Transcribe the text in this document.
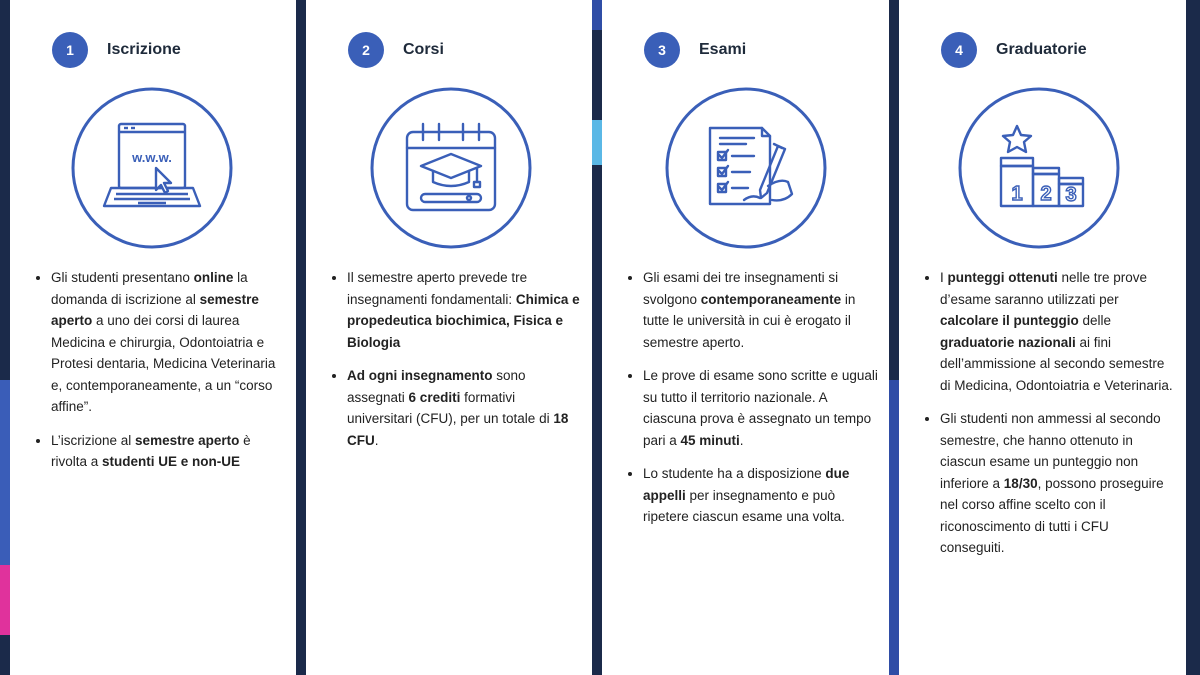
1	Iscrizione
w.w.w.
• Gli studenti presentano online la domanda di iscrizione al semestre aperto a uno dei corsi di laurea Medicina e chirurgia, Odontoiatria e Protesi dentaria, Medicina Veterinaria e, contemporaneamente, a un “corso affine”.
• L’iscrizione al semestre aperto è rivolta a studenti UE e non-UE
2	Corsi
• Il semestre aperto prevede tre insegnamenti fondamentali: Chimica e propedeutica biochimica, Fisica e Biologia
• Ad ogni insegnamento sono assegnati 6 crediti formativi universitari (CFU), per un totale di 18 CFU.
3	Esami
• Gli esami dei tre insegnamenti si svolgono contemporaneamente in tutte le università in cui è erogato il semestre aperto.
• Le prove di esame sono scritte e uguali su tutto il territorio nazionale. A ciascuna prova è assegnato un tempo pari a 45 minuti.
• Lo studente ha a disposizione due appelli per insegnamento e può ripetere ciascun esame una volta.
4	Graduatorie
1 2 3
• I punteggi ottenuti nelle tre prove d’esame saranno utilizzati per calcolare il punteggio delle graduatorie nazionali ai fini dell’ammissione al secondo semestre di Medicina, Odontoiatria e Veterinaria.
• Gli studenti non ammessi al secondo semestre, che hanno ottenuto in ciascun esame un punteggio non inferiore a 18/30, possono proseguire nel corso affine scelto con il riconoscimento di tutti i CFU conseguiti.
